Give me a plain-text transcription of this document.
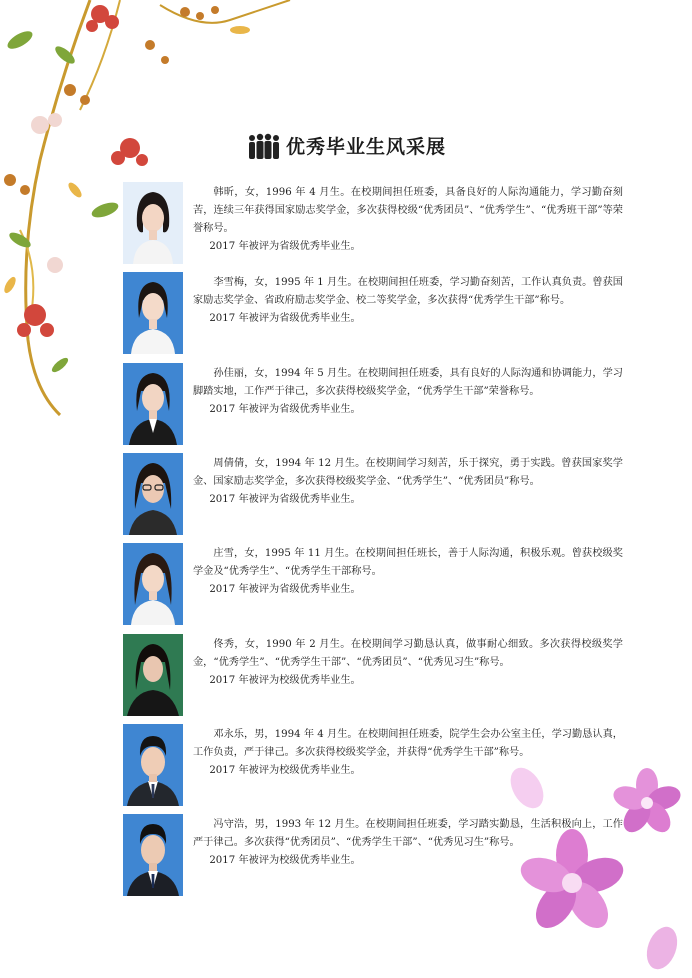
优秀毕业生风采展

韩昕，女，1996 年 4 月生。在校期间担任班委，具备良好的人际沟通能力，学习勤奋刻苦，连续三年获得国家励志奖学金，多次获得校级“优秀团员”、“优秀学生”、“优秀班干部”等荣誉称号。

2017 年被评为省级优秀毕业生。

李雪梅，女，1995 年 1 月生。在校期间担任班委，学习勤奋刻苦，工作认真负责。曾获国家励志奖学金、省政府励志奖学金、校二等奖学金，多次获得“优秀学生干部”称号。

2017 年被评为省级优秀毕业生。

孙佳丽，女，1994 年 5 月生。在校期间担任班委，具有良好的人际沟通和协调能力，学习脚踏实地，工作严于律己，多次获得校级奖学金，“优秀学生干部”荣誉称号。

2017 年被评为省级优秀毕业生。

周倩倩，女，1994 年 12 月生。在校期间学习刻苦，乐于探究，勇于实践。曾获国家奖学金、国家励志奖学金，多次获得校级奖学金、“优秀学生”、“优秀团员”称号。

2017 年被评为省级优秀毕业生。

庄雪，女，1995 年 11 月生。在校期间担任班长，善于人际沟通，积极乐观。曾获校级奖学金及“优秀学生”、“优秀学生干部称号。

2017 年被评为省级优秀毕业生。

佟秀，女，1990 年 2 月生。在校期间学习勤恳认真，做事耐心细致。多次获得校级奖学金，“优秀学生”、“优秀学生干部”、“优秀团员”、“优秀见习生”称号。

2017 年被评为校级优秀毕业生。

邓永乐，男，1994 年 4 月生。在校期间担任班委，院学生会办公室主任，学习勤恳认真，工作负责，严于律己。多次获得校级奖学金，并获得“优秀学生干部”称号。

2017 年被评为校级优秀毕业生。

冯守浩，男，1993 年 12 月生。在校期间担任班委，学习踏实勤恳，生活积极向上，工作严于律己。多次获得“优秀团员”、“优秀学生干部”、“优秀见习生”称号。

2017 年被评为校级优秀毕业生。
